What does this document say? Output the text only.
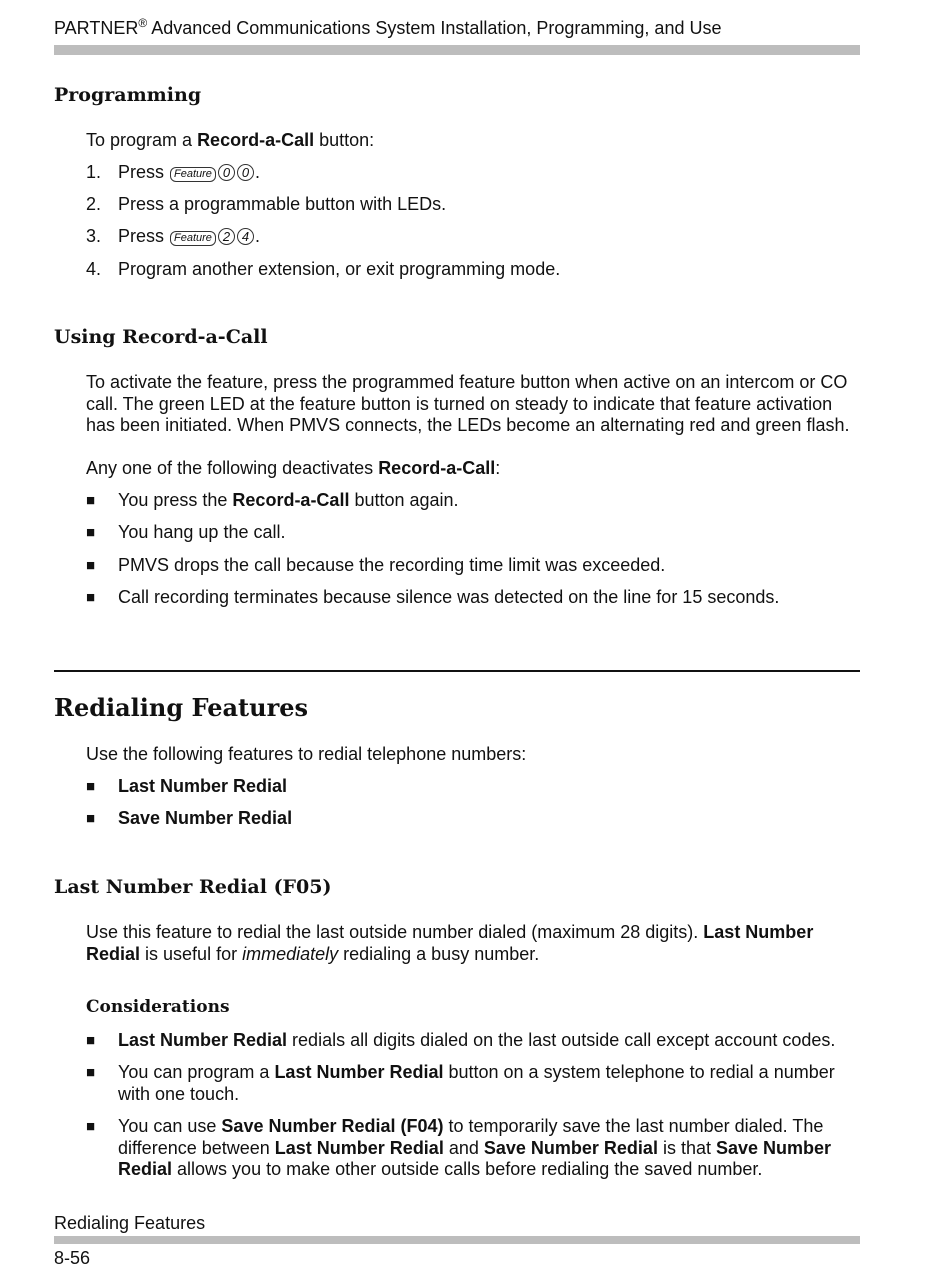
PARTNER® Advanced Communications System Installation, Programming, and Use
Programming
To program a Record-a-Call button:
1. Press Feature 0 0 .
2. Press a programmable button with LEDs.
3. Press Feature 2 4 .
4. Program another extension, or exit programming mode.
Using Record-a-Call
To activate the feature, press the programmed feature button when active on an intercom or CO call. The green LED at the feature button is turned on steady to indicate that feature activation has been initiated. When PMVS connects, the LEDs become an alternating red and green flash.
Any one of the following deactivates Record-a-Call:
■ You press the Record-a-Call button again.
■ You hang up the call.
■ PMVS drops the call because the recording time limit was exceeded.
■ Call recording terminates because silence was detected on the line for 15 seconds.
Redialing Features
Use the following features to redial telephone numbers:
■ Last Number Redial
■ Save Number Redial
Last Number Redial (F05)
Use this feature to redial the last outside number dialed (maximum 28 digits). Last Number Redial is useful for immediately redialing a busy number.
Considerations
■ Last Number Redial redials all digits dialed on the last outside call except account codes.
■ You can program a Last Number Redial button on a system telephone to redial a number with one touch.
■ You can use Save Number Redial (F04) to temporarily save the last number dialed. The difference between Last Number Redial and Save Number Redial is that Save Number Redial allows you to make other outside calls before redialing the saved number.
Redialing Features
8-56
